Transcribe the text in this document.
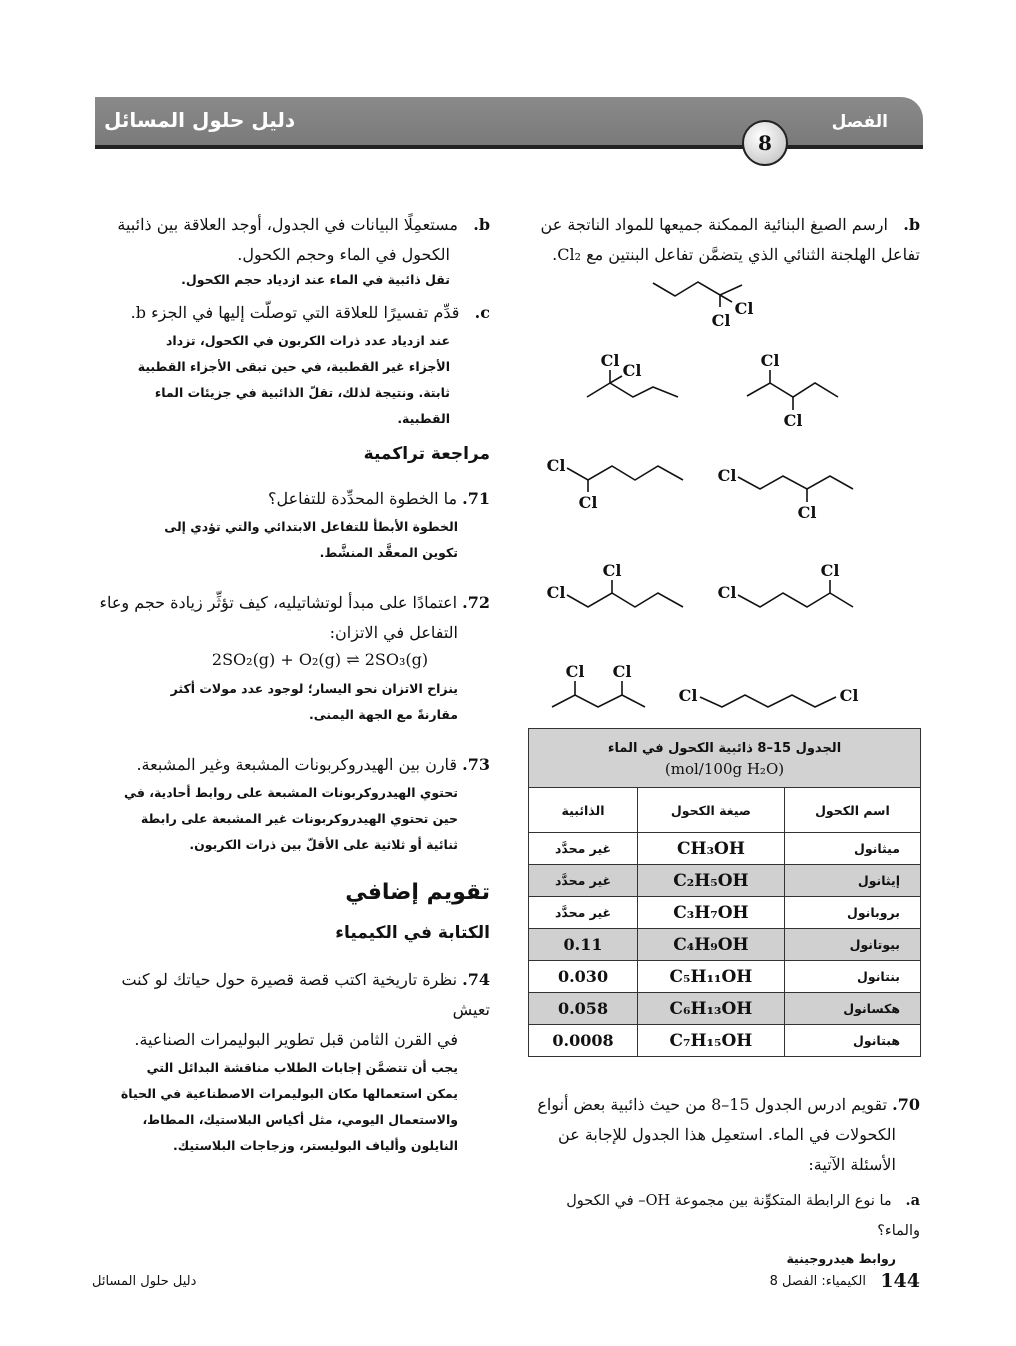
دليل حلول المسائل	الفصل
8
b.   ارسم الصيغ البنائية الممكنة جميعها للمواد الناتجة عن
تفاعل الهلجنة الثنائي الذي يتضمَّن تفاعل البنتين مع Cl₂.
Cl
Cl
Cl
Cl
Cl
Cl
Cl
Cl
Cl
Cl
Cl
Cl
Cl
Cl
Cl Cl
Cl	Cl
الجدول 15–8 ذائبية الكحول في الماء
(mol/100g H₂O)		

اسم الكحول	صيغة الكحول	الذائبية
ميثانول	CH₃OH	غير محدَّد
إيثانول	C₂H₅OH	غير محدَّد
بروبانول	C₃H₇OH	غير محدَّد
بيوتانول	C₄H₉OH	0.11
بنتانول	C₅H₁₁OH	0.030
هكسانول	C₆H₁₃OH	0.058
هبتانول	C₇H₁₅OH	0.0008
70. تقويم ادرس الجدول 15–8 من حيث ذائبية بعض أنواع
الكحولات في الماء. استعمِل هذا الجدول للإجابة عن
الأسئلة الآتية:
a.   ما نوع الرابطة المتكوِّنة بين مجموعة OH– في الكحول والماء؟
روابط هيدروجينية
b.   مستعمِلًا البيانات في الجدول، أوجد العلاقة بين ذائبية
الكحول في الماء وحجم الكحول.
تقل ذائبية في الماء عند ازدياد حجم الكحول.
c.   قدِّم تفسيرًا للعلاقة التي توصلّت إليها في الجزء b.
عند ازدياد عدد ذرات الكربون في الكحول، تزداد
الأجزاء غير القطبية، في حين تبقى الأجزاء القطبية
ثابتة. ونتيجة لذلك، تقلّ الذائبية في جزيئات الماء
القطبية.
مراجعة تراكمية
71. ما الخطوة المحدِّدة للتفاعل؟
الخطوة الأبطأ للتفاعل الابتدائي والتي تؤدي إلى
تكوين المعقَّد المنشَّط.
72. اعتمادًا على مبدأ لوتشاتيليه، كيف تؤثِّر زيادة حجم وعاء
التفاعل في الاتزان:
2SO₂(g) + O₂(g) ⇌ 2SO₃(g)
ينزاح الاتزان نحو اليسار؛ لوجود عدد مولات أكثر
مقارنةً مع الجهة اليمنى.
73. قارن بين الهيدروكربونات المشبعة وغير المشبعة.
تحتوي الهيدروكربونات المشبعة على روابط أحادية، في
حين تحتوي الهيدروكربونات غير المشبعة على رابطة
ثنائية أو ثلاثية على الأقلّ بين ذرات الكربون.
تقويم إضافي
الكتابة في الكيمياء
74. نظرة تاريخية اكتب قصة قصيرة حول حياتك لو كنت تعيش
في القرن الثامن قبل تطوير البوليمرات الصناعية.
يجب أن تتضمَّن إجابات الطلاب مناقشة البدائل التي
يمكن استعمالها مكان البوليمرات الاصطناعية في الحياة
والاستعمال اليومي، مثل أكياس البلاستيك، المطاط،
النايلون وألياف البوليستر، وزجاجات البلاستيك.
144
الكيمياء: الفصل 8
دليل حلول المسائل
